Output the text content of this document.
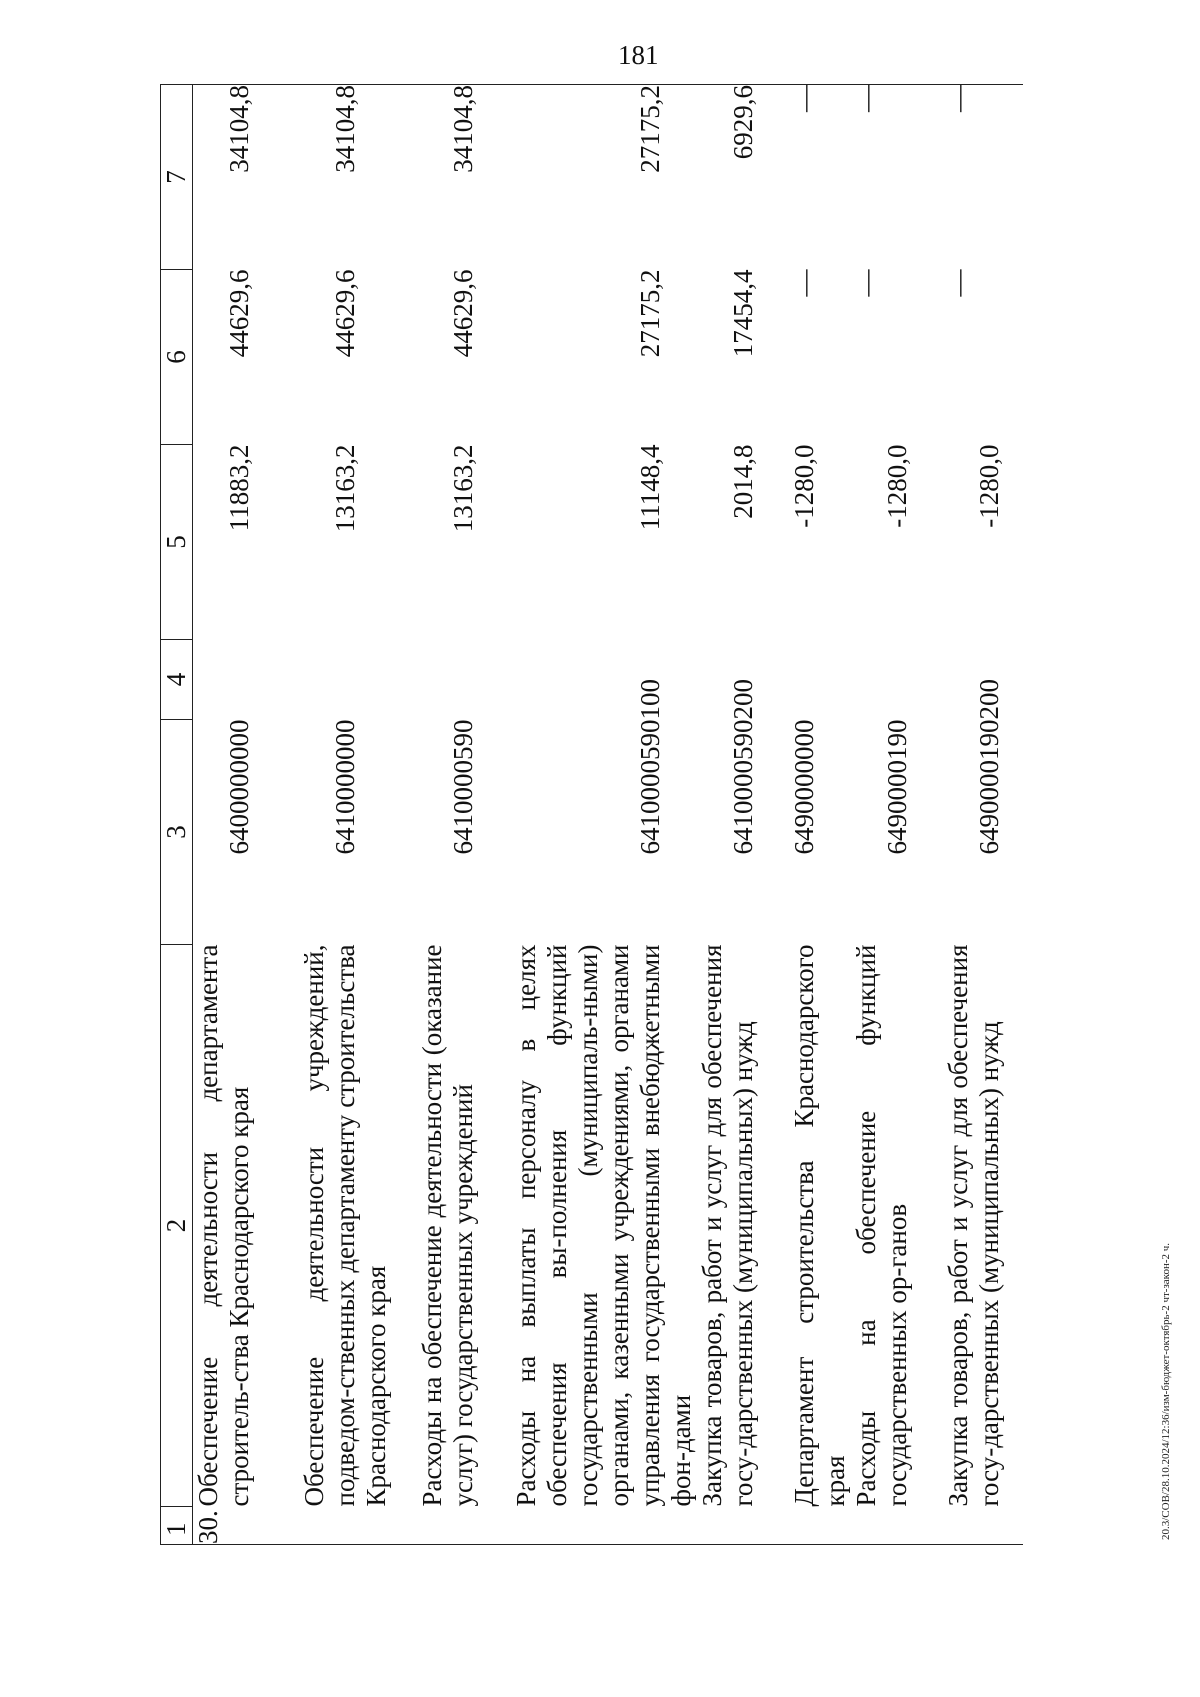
181
1	2	3	4	5	6	7
30.	Обеспечение деятельности департамента строитель-ства Краснодарского края	6400000000		11883,2	44629,6	34104,8
	Обеспечение деятельности учреждений, подведом-ственных департаменту строительства Краснодарского края	6410000000		13163,2	44629,6	34104,8
	Расходы на обеспечение деятельности (оказание услуг) государственных учреждений	6410000590		13163,2	44629,6	34104,8
	Расходы на выплаты персоналу в целях обеспечения вы-полнения функций государственными (муниципаль-ными) органами, казенными учреждениями, органами управления государственными внебюджетными фон-дами	6410000590	100	11148,4	27175,2	27175,2
	Закупка товаров, работ и услуг для обеспечения госу-дарственных (муниципальных) нужд	6410000590	200	2014,8	17454,4	6929,6
	Департамент строительства Краснодарского края	6490000000		-1280,0	—	—
	Расходы на обеспечение функций государственных ор-ганов	6490000190		-1280,0	—	—
	Закупка товаров, работ и услуг для обеспечения госу-дарственных (муниципальных) нужд	6490000190	200	-1280,0	—	—
20.3/СОВ/28.10.2024/12:36/изм-бюджет-октябрь-2 чт-закон-2 ч.
